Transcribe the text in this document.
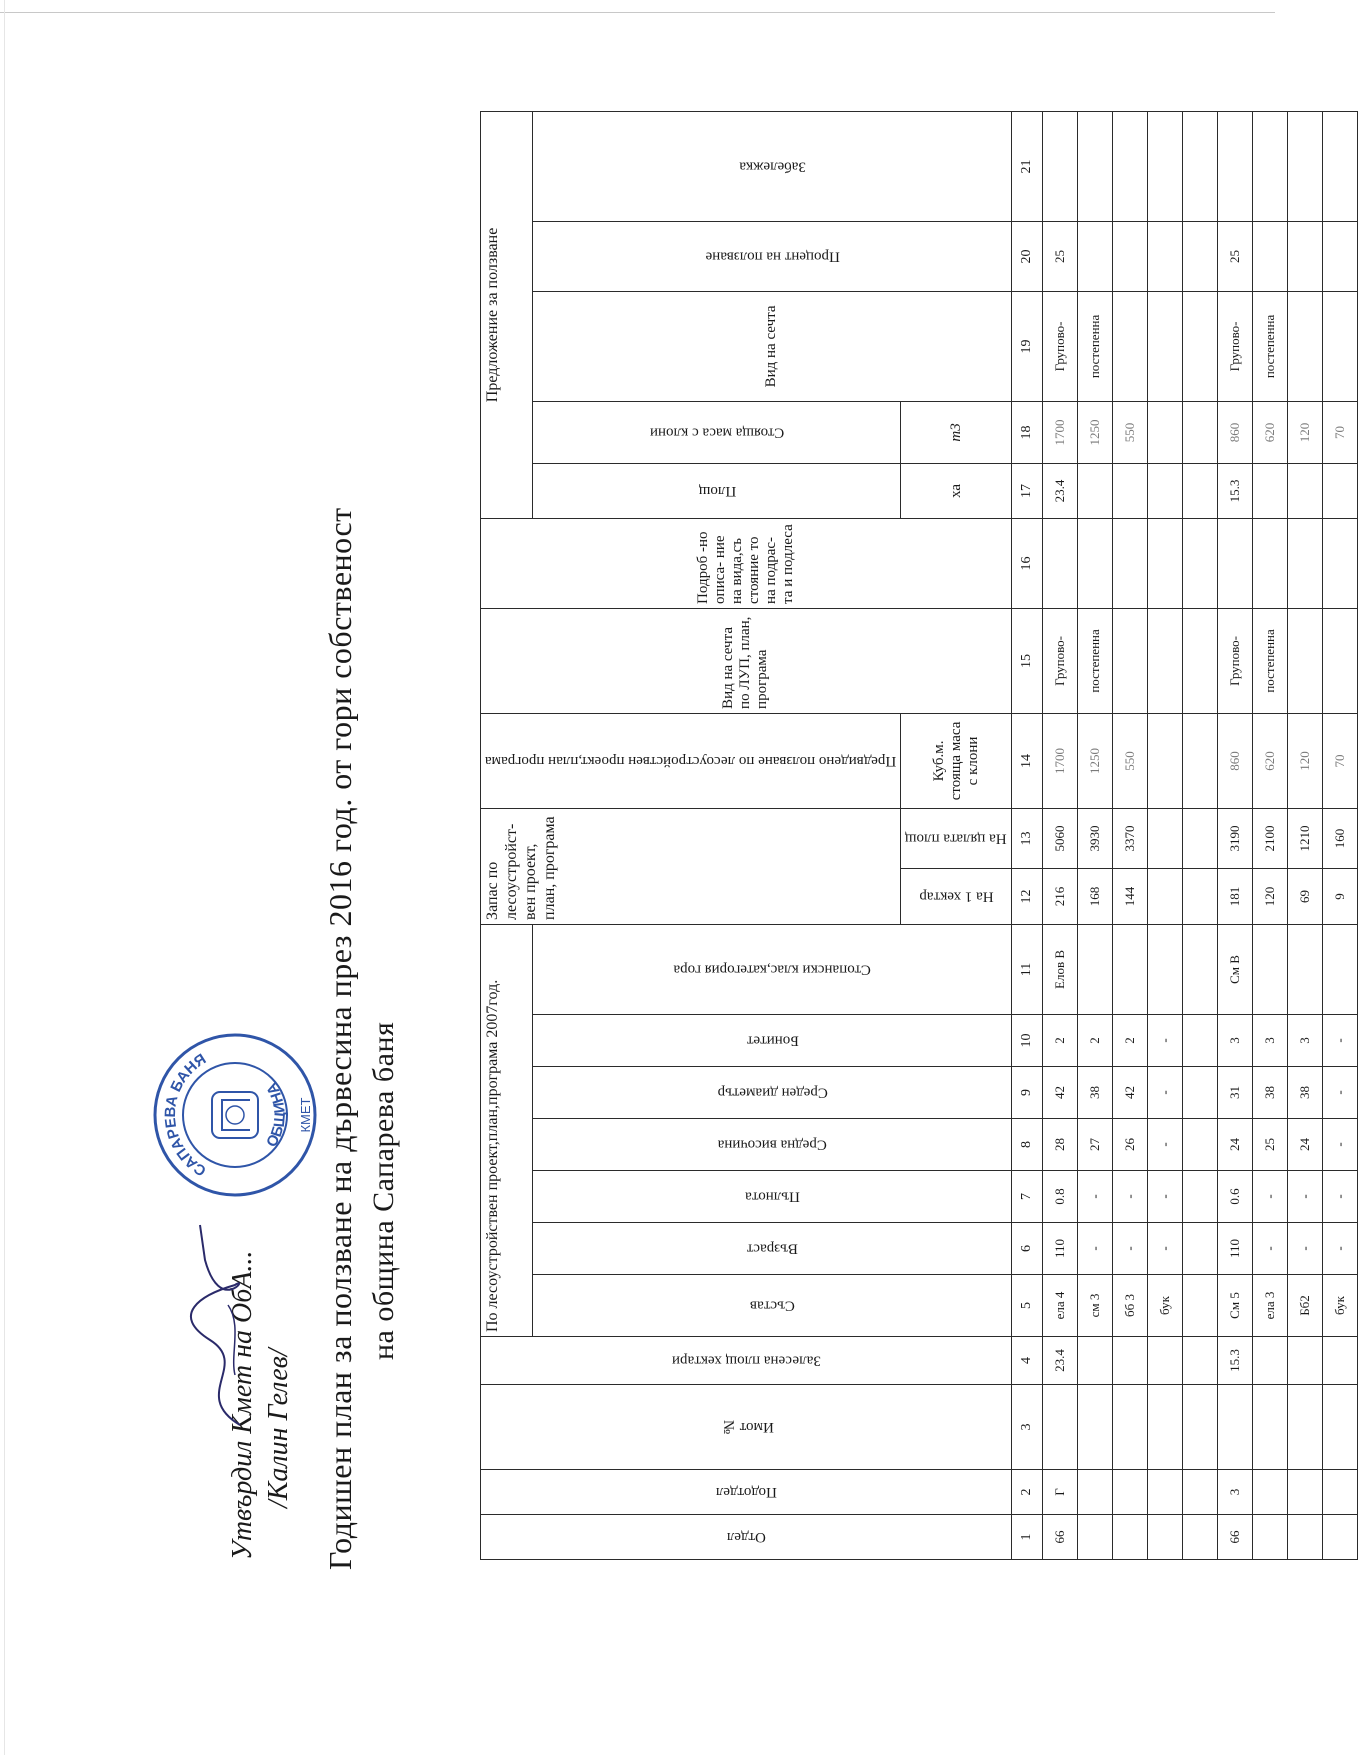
Утвърдил Кмет на ОбА... /Калин Гелев/
САПАРЕВА БАНЯ
ОБЩИНА
КМЕТ Годишен план за ползване на дървесина през 2016 год. от гори собственост на община Сапарева баня
Отдел	Подотдел	Имот №	Залесена площ хектари	По лесоустройствен проект,план,програма 2007год.							Запас по лесоустройст-вен проект, план, програма		Предвидено ползване по лесоустройствен проект,план програма	Вид на сечта по ЛУП, план, програма	Подроб -но описа- ние на вида,съ стояние то на подрас- та и подлеса	Предложение за ползване				
				Състав	Възраст	Пълнота	Средна височина	Среден диаметър	Бонитет	Стопански клас,категория гора						Площ	Стояща маса с клони	Вид на сечта	Процент на ползване	Забележка
											На 1 хектар	На цялата площ	Куб.м. стояща маса с клони			ха	m3			
1	2	3	4	5	6	7	8	9	10	11	12	13	14	15	16	17	18	19	20	21
66	Г		23.4	ела 4	110	0.8	28	42	2	Елов В	216	5060	1700	Групово-		23.4	1700	Групово-	25	
				см 3	-	-	27	38	2		168	3930	1250	постепенна			1250	постепенна		
				бб 3	-	-	26	42	2		144	3370	550				550			
				бук	-	-	-	-	-											

66	3		15.3	См 5	110	0.6	24	31	3	См В	181	3190	860	Групово-		15.3	860	Групово-	25	
				ела 3	-	-	25	38	3		120	2100	620	постепенна			620	постепенна		
				Бб2	-	-	24	38	3		69	1210	120				120			
				бук	-	-	-	-	-		9	160	70				70			
